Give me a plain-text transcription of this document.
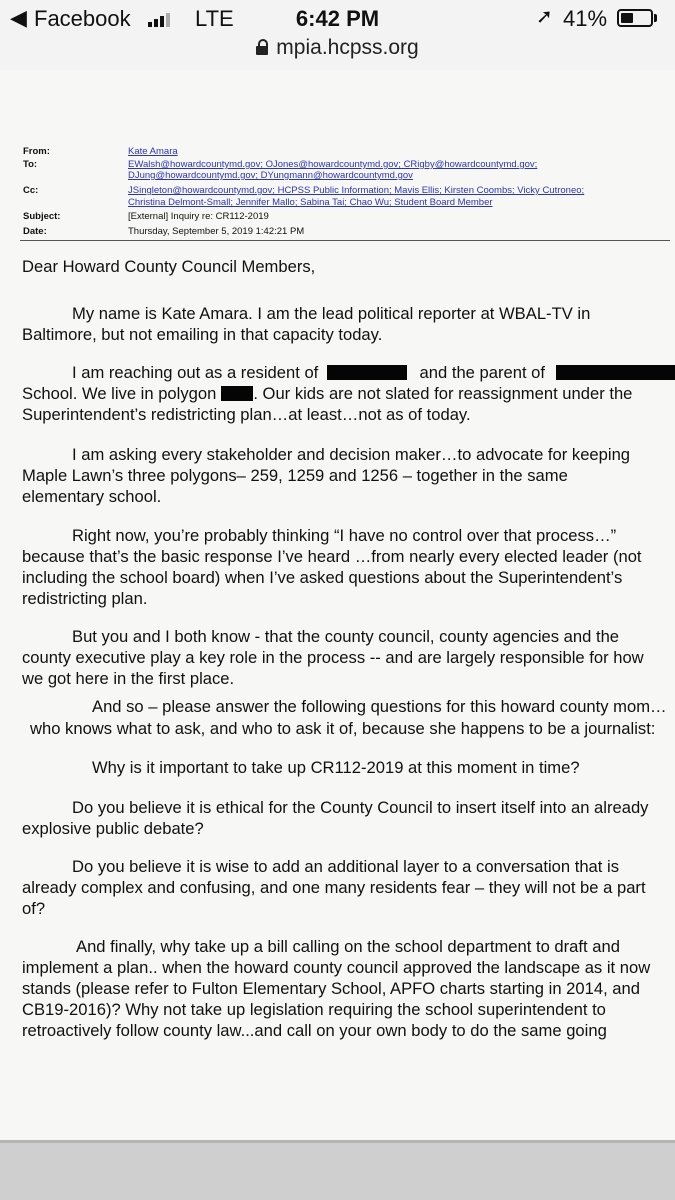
◀ Facebook	LTE	6:42 PM	➚ 41%
mpia.hcpss.org
From:	Kate Amara
To:	EWalsh@howardcountymd.gov; OJones@howardcountymd.gov; CRigby@howardcountymd.gov;
DJung@howardcountymd.gov; DYungmann@howardcountymd.gov
Cc:	JSingleton@howardcountymd.gov; HCPSS Public Information; Mavis Ellis; Kirsten Coombs; Vicky Cutroneo;
Christina Delmont-Small; Jennifer Mallo; Sabina Tai; Chao Wu; Student Board Member
Subject:	[External] Inquiry re: CR112-2019
Date:	Thursday, September 5, 2019 1:42:21 PM
Dear Howard County Council Members,
My name is Kate Amara. I am the lead political reporter at WBAL-TV in
Baltimore, but not emailing in that capacity today.
I am reaching out as a resident of	and the parent of
School. We live in polygon . Our kids are not slated for reassignment under the
Superintendent’s redistricting plan…at least…not as of today.
I am asking every stakeholder and decision maker…to advocate for keeping
Maple Lawn’s three polygons– 259, 1259 and 1256 – together in the same
elementary school.
Right now, you’re probably thinking “I have no control over that process…”
because that’s the basic response I’ve heard …from nearly every elected leader (not
including the school board) when I’ve asked questions about the Superintendent’s
redistricting plan.
But you and I both know - that the county council, county agencies and the
county executive play a key role in the process -- and are largely responsible for how
we got here in the first place.
And so – please answer the following questions for this howard county mom…
who knows what to ask, and who to ask it of, because she happens to be a journalist:
Why is it important to take up CR112-2019 at this moment in time?
Do you believe it is ethical for the County Council to insert itself into an already
explosive public debate?
Do you believe it is wise to add an additional layer to a conversation that is
already complex and confusing, and one many residents fear – they will not be a part
of?
And finally, why take up a bill calling on the school department to draft and
implement a plan.. when the howard county council approved the landscape as it now
stands (please refer to Fulton Elementary School, APFO charts starting in 2014, and
CB19-2016)? Why not take up legislation requiring the school superintendent to
retroactively follow county law...and call on your own body to do the same going
